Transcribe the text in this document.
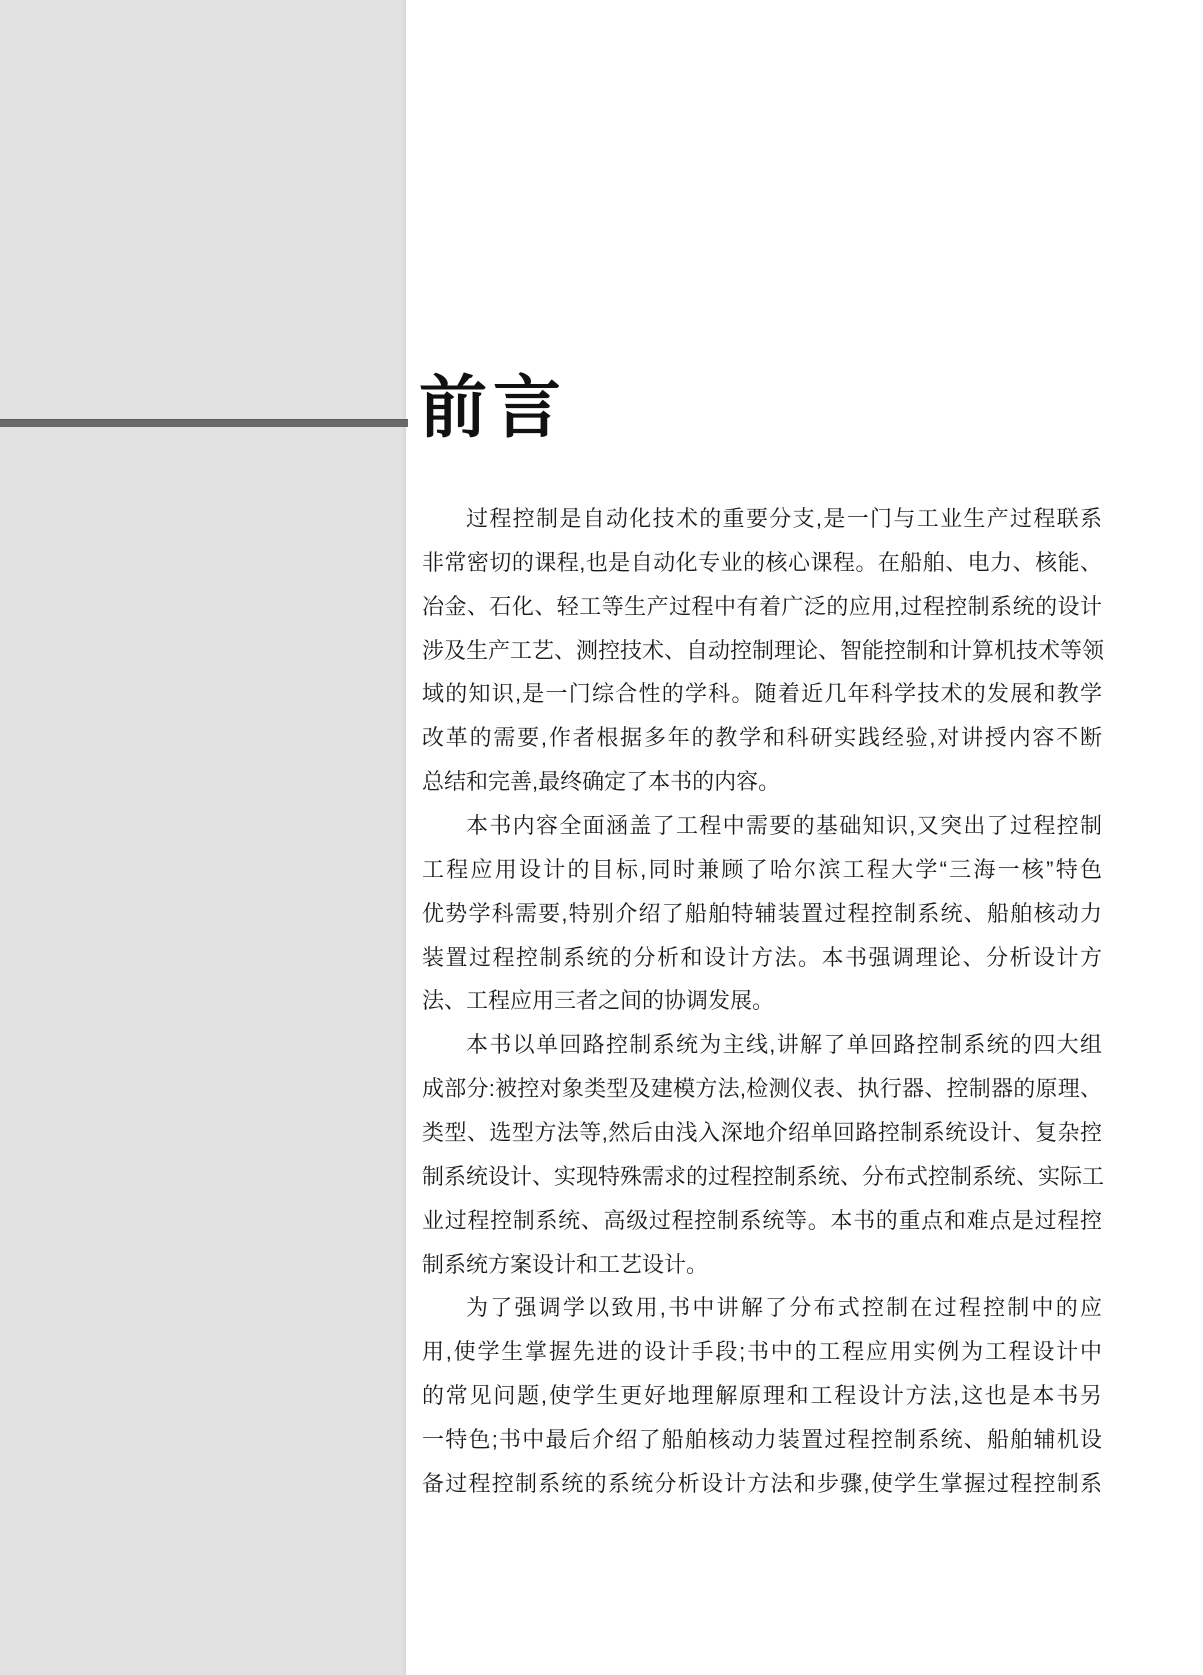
前言
过程控制是自动化技术的重要分支,是一门与工业生产过程联系
非常密切的课程,也是自动化专业的核心课程。在船舶、电力、核能、
冶金、石化、轻工等生产过程中有着广泛的应用,过程控制系统的设计
涉及生产工艺、测控技术、自动控制理论、智能控制和计算机技术等领
域的知识,是一门综合性的学科。随着近几年科学技术的发展和教学
改革的需要,作者根据多年的教学和科研实践经验,对讲授内容不断
总结和完善,最终确定了本书的内容。
本书内容全面涵盖了工程中需要的基础知识,又突出了过程控制
工程应用设计的目标,同时兼顾了哈尔滨工程大学“三海一核”特色
优势学科需要,特别介绍了船舶特辅装置过程控制系统、船舶核动力
装置过程控制系统的分析和设计方法。本书强调理论、分析设计方
法、工程应用三者之间的协调发展。
本书以单回路控制系统为主线,讲解了单回路控制系统的四大组
成部分:被控对象类型及建模方法,检测仪表、执行器、控制器的原理、
类型、选型方法等,然后由浅入深地介绍单回路控制系统设计、复杂控
制系统设计、实现特殊需求的过程控制系统、分布式控制系统、实际工
业过程控制系统、高级过程控制系统等。本书的重点和难点是过程控
制系统方案设计和工艺设计。
为了强调学以致用,书中讲解了分布式控制在过程控制中的应
用,使学生掌握先进的设计手段;书中的工程应用实例为工程设计中
的常见问题,使学生更好地理解原理和工程设计方法,这也是本书另
一特色;书中最后介绍了船舶核动力装置过程控制系统、船舶辅机设
备过程控制系统的系统分析设计方法和步骤,使学生掌握过程控制系
